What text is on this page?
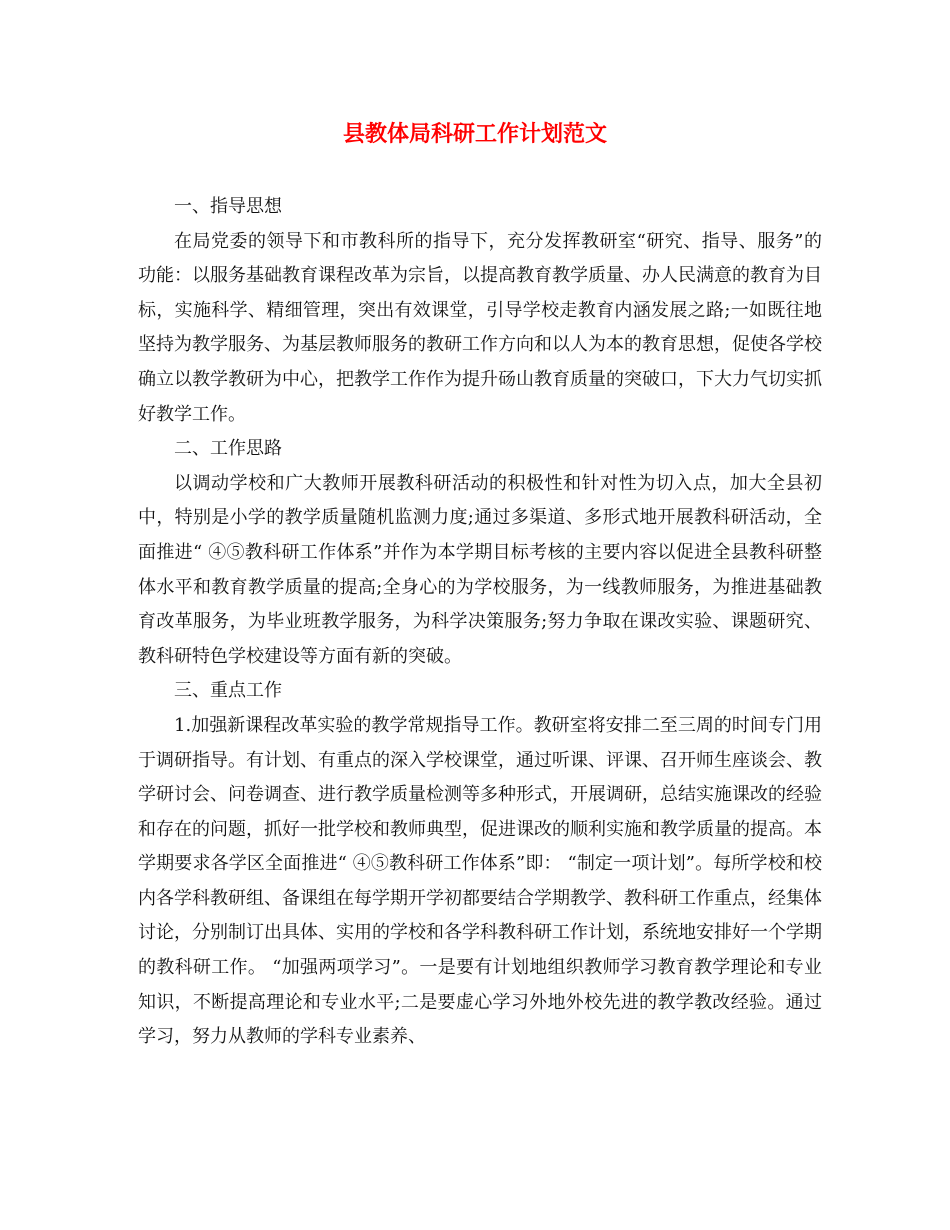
县教体局科研工作计划范文

一、指导思想

在局党委的领导下和市教科所的指导下，充分发挥教研室“研究、指导、服务”的功能：以服务基础教育课程改革为宗旨，以提高教育教学质量、办人民满意的教育为目标，实施科学、精细管理，突出有效课堂，引导学校走教育内涵发展之路;一如既往地坚持为教学服务、为基层教师服务的教研工作方向和以人为本的教育思想，促使各学校确立以教学教研为中心，把教学工作作为提升砀山教育质量的突破口，下大力气切实抓好教学工作。

二、工作思路

以调动学校和广大教师开展教科研活动的积极性和针对性为切入点，加大全县初中，特别是小学的教学质量随机监测力度;通过多渠道、多形式地开展教科研活动，全面推进“ ④⑤教科研工作体系”并作为本学期目标考核的主要内容以促进全县教科研整体水平和教育教学质量的提高;全身心的为学校服务，为一线教师服务，为推进基础教育改革服务，为毕业班教学服务，为科学决策服务;努力争取在课改实验、课题研究、教科研特色学校建设等方面有新的突破。

三、重点工作

1.加强新课程改革实验的教学常规指导工作。教研室将安排二至三周的时间专门用于调研指导。有计划、有重点的深入学校课堂，通过听课、评课、召开师生座谈会、教学研讨会、问卷调查、进行教学质量检测等多种形式，开展调研，总结实施课改的经验和存在的问题，抓好一批学校和教师典型，促进课改的顺利实施和教学质量的提高。本学期要求各学区全面推进“ ④⑤教科研工作体系”即： “制定一项计划”。每所学校和校内各学科教研组、备课组在每学期开学初都要结合学期教学、教科研工作重点，经集体讨论，分别制订出具体、实用的学校和各学科教科研工作计划，系统地安排好一个学期的教科研工作。 “加强两项学习”。一是要有计划地组织教师学习教育教学理论和专业知识，不断提高理论和专业水平;二是要虚心学习外地外校先进的教学教改经验。通过学习，努力从教师的学科专业素养、
